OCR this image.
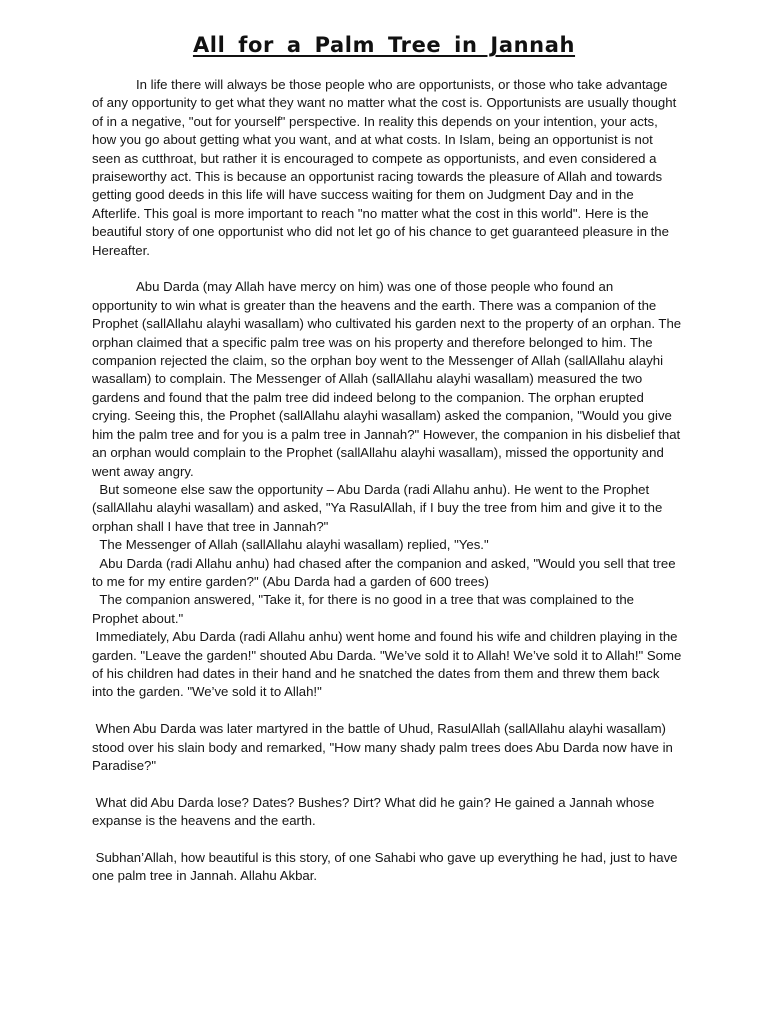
All for a Palm Tree in Jannah

In life there will always be those people who are opportunists, or those who take advantage of any opportunity to get what they want no matter what the cost is. Opportunists are usually thought of in a negative, "out for yourself" perspective. In reality this depends on your intention, your acts, how you go about getting what you want, and at what costs. In Islam, being an opportunist is not seen as cutthroat, but rather it is encouraged to compete as opportunists, and even considered a praiseworthy act. This is because an opportunist racing towards the pleasure of Allah and towards getting good deeds in this life will have success waiting for them on Judgment Day and in the Afterlife. This goal is more important to reach "no matter what the cost in this world". Here is the beautiful story of one opportunist who did not let go of his chance to get guaranteed pleasure in the Hereafter.

Abu Darda (may Allah have mercy on him) was one of those people who found an opportunity to win what is greater than the heavens and the earth. There was a companion of the Prophet (sallAllahu alayhi wasallam) who cultivated his garden next to the property of an orphan. The orphan claimed that a specific palm tree was on his property and therefore belonged to him. The companion rejected the claim, so the orphan boy went to the Messenger of Allah (sallAllahu alayhi wasallam) to complain. The Messenger of Allah (sallAllahu alayhi wasallam) measured the two gardens and found that the palm tree did indeed belong to the companion. The orphan erupted crying. Seeing this, the Prophet (sallAllahu alayhi wasallam) asked the companion, "Would you give him the palm tree and for you is a palm tree in Jannah?" However, the companion in his disbelief that an orphan would complain to the Prophet (sallAllahu alayhi wasallam), missed the opportunity and went away angry.

But someone else saw the opportunity – Abu Darda (radi Allahu anhu). He went to the Prophet (sallAllahu alayhi wasallam) and asked, "Ya RasulAllah, if I buy the tree from him and give it to the orphan shall I have that tree in Jannah?"

The Messenger of Allah (sallAllahu alayhi wasallam) replied, "Yes."

Abu Darda (radi Allahu anhu) had chased after the companion and asked, "Would you sell that tree to me for my entire garden?" (Abu Darda had a garden of 600 trees)

The companion answered, "Take it, for there is no good in a tree that was complained to the Prophet about."

Immediately, Abu Darda (radi Allahu anhu) went home and found his wife and children playing in the garden. "Leave the garden!" shouted Abu Darda. "We’ve sold it to Allah! We’ve sold it to Allah!" Some of his children had dates in their hand and he snatched the dates from them and threw them back into the garden. "We’ve sold it to Allah!"

When Abu Darda was later martyred in the battle of Uhud, RasulAllah (sallAllahu alayhi wasallam) stood over his slain body and remarked, "How many shady palm trees does Abu Darda now have in Paradise?"

What did Abu Darda lose? Dates? Bushes? Dirt? What did he gain? He gained a Jannah whose expanse is the heavens and the earth.

Subhan’Allah, how beautiful is this story, of one Sahabi who gave up everything he had, just to have one palm tree in Jannah. Allahu Akbar.
